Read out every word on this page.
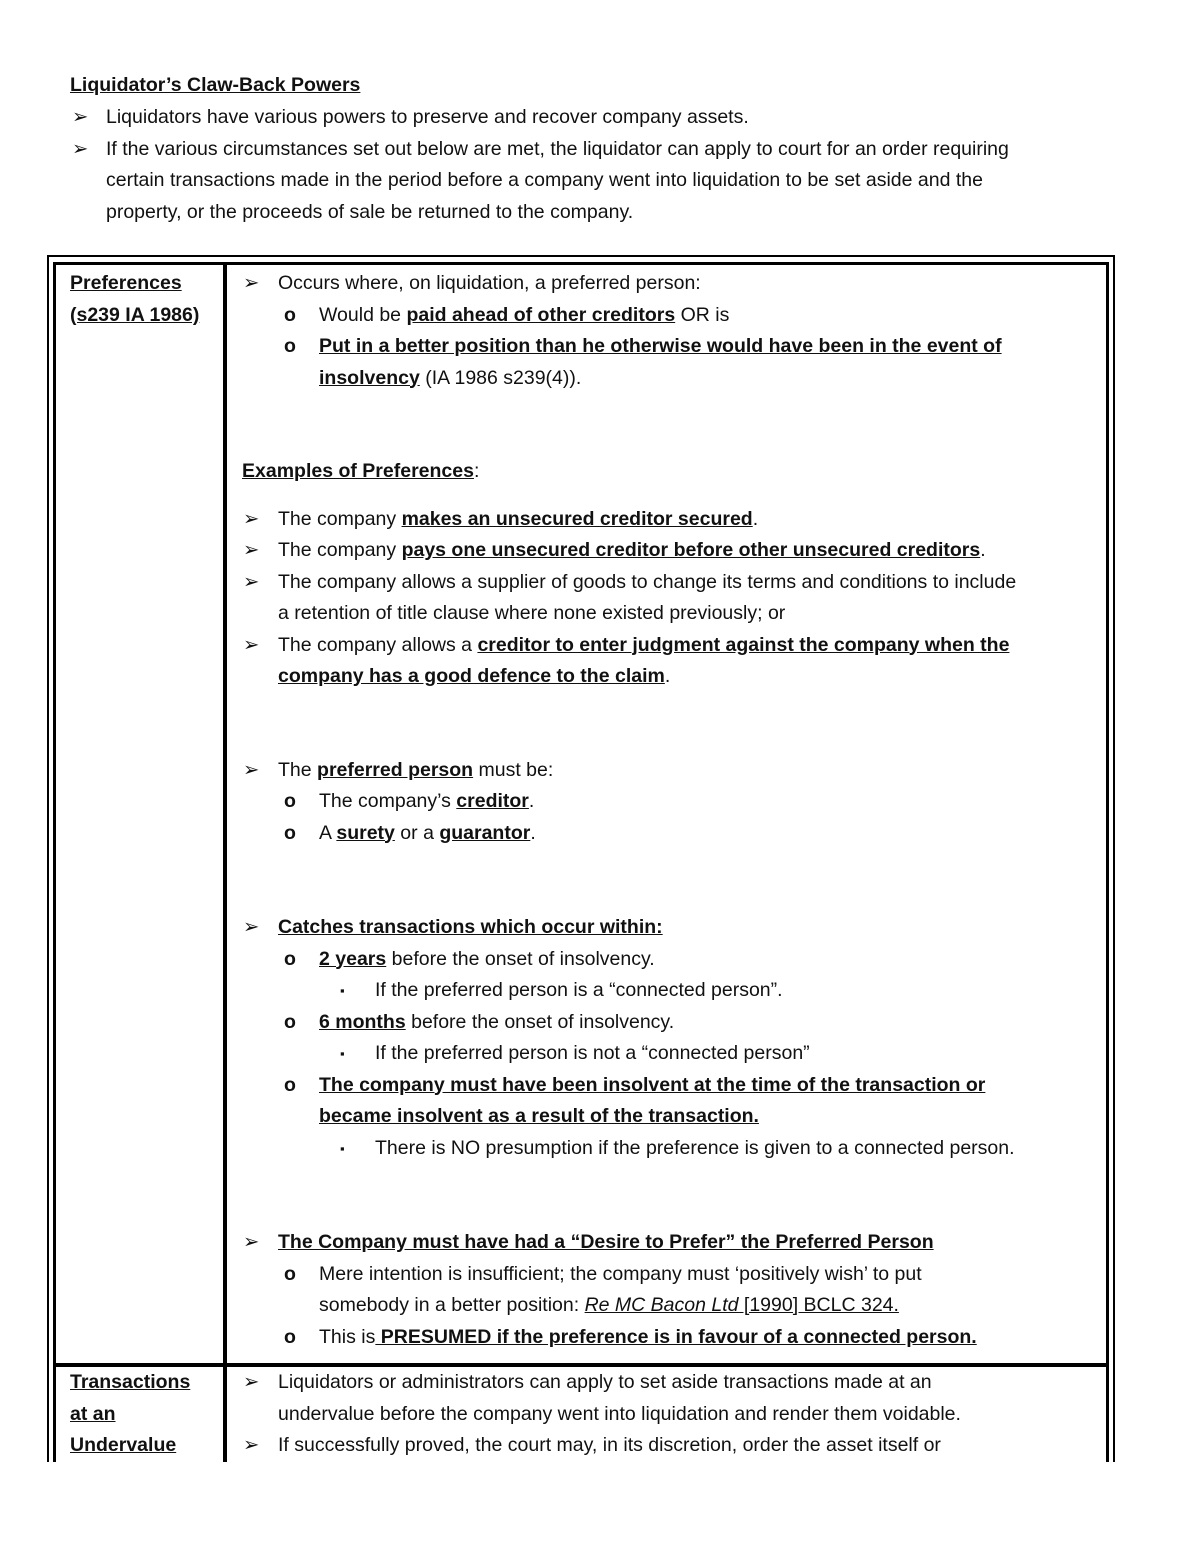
Liquidator’s Claw-Back Powers
➢ Liquidators have various powers to preserve and recover company assets.
➢ If the various circumstances set out below are met, the liquidator can apply to court for an order requiring
certain transactions made in the period before a company went into liquidation to be set aside and the
property, or the proceeds of sale be returned to the company.
Preferences
(s239 IA 1986)
➢ Occurs where, on liquidation, a preferred person:
o Would be paid ahead of other creditors OR is
o Put in a better position than he otherwise would have been in the event of
insolvency (IA 1986 s239(4)).
Examples of Preferences:
➢ The company makes an unsecured creditor secured.
➢ The company pays one unsecured creditor before other unsecured creditors.
➢ The company allows a supplier of goods to change its terms and conditions to include
a retention of title clause where none existed previously; or
➢ The company allows a creditor to enter judgment against the company when the
company has a good defence to the claim.
➢ The preferred person must be:
o The company’s creditor.
o A surety or a guarantor.
➢ Catches transactions which occur within:
o 2 years before the onset of insolvency.
▪ If the preferred person is a “connected person”.
o 6 months before the onset of insolvency.
▪ If the preferred person is not a “connected person”
o The company must have been insolvent at the time of the transaction or
became insolvent as a result of the transaction.
▪ There is NO presumption if the preference is given to a connected person.
➢ The Company must have had a “Desire to Prefer” the Preferred Person
o Mere intention is insufficient; the company must ‘positively wish’ to put
somebody in a better position: Re MC Bacon Ltd [1990] BCLC 324.
o This is PRESUMED if the preference is in favour of a connected person.
Transactions
at an
Undervalue
➢ Liquidators or administrators can apply to set aside transactions made at an
undervalue before the company went into liquidation and render them voidable.
➢ If successfully proved, the court may, in its discretion, order the asset itself or
